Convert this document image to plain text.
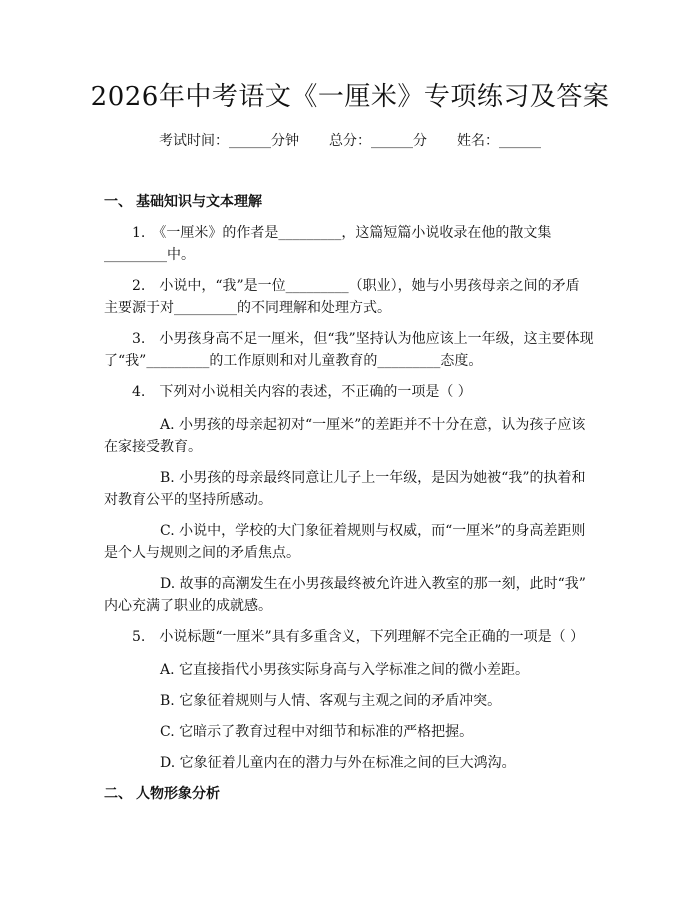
2026年中考语文《一厘米》专项练习及答案
考试时间：______分钟 总分：______分 姓名：______
一、 基础知识与文本理解
1.　《一厘米》的作者是_________，这篇短篇小说收录在他的散文集
_________中。
2.　小说中，“我”是一位_________（职业），她与小男孩母亲之间的矛盾
主要源于对_________的不同理解和处理方式。
3.　小男孩身高不足一厘米，但“我”坚持认为他应该上一年级，这主要体现
了“我”_________的工作原则和对儿童教育的_________态度。
4.　下列对小说相关内容的表述，不正确的一项是（ ）
A. 小男孩的母亲起初对“一厘米”的差距并不十分在意，认为孩子应该
在家接受教育。
B. 小男孩的母亲最终同意让儿子上一年级，是因为她被“我”的执着和
对教育公平的坚持所感动。
C. 小说中，学校的大门象征着规则与权威，而“一厘米”的身高差距则
是个人与规则之间的矛盾焦点。
D. 故事的高潮发生在小男孩最终被允许进入教室的那一刻，此时“我”
内心充满了职业的成就感。
5.　小说标题“一厘米”具有多重含义，下列理解不完全正确的一项是（ ）
A. 它直接指代小男孩实际身高与入学标准之间的微小差距。
B. 它象征着规则与人情、客观与主观之间的矛盾冲突。
C. 它暗示了教育过程中对细节和标准的严格把握。
D. 它象征着儿童内在的潜力与外在标准之间的巨大鸿沟。
二、 人物形象分析
